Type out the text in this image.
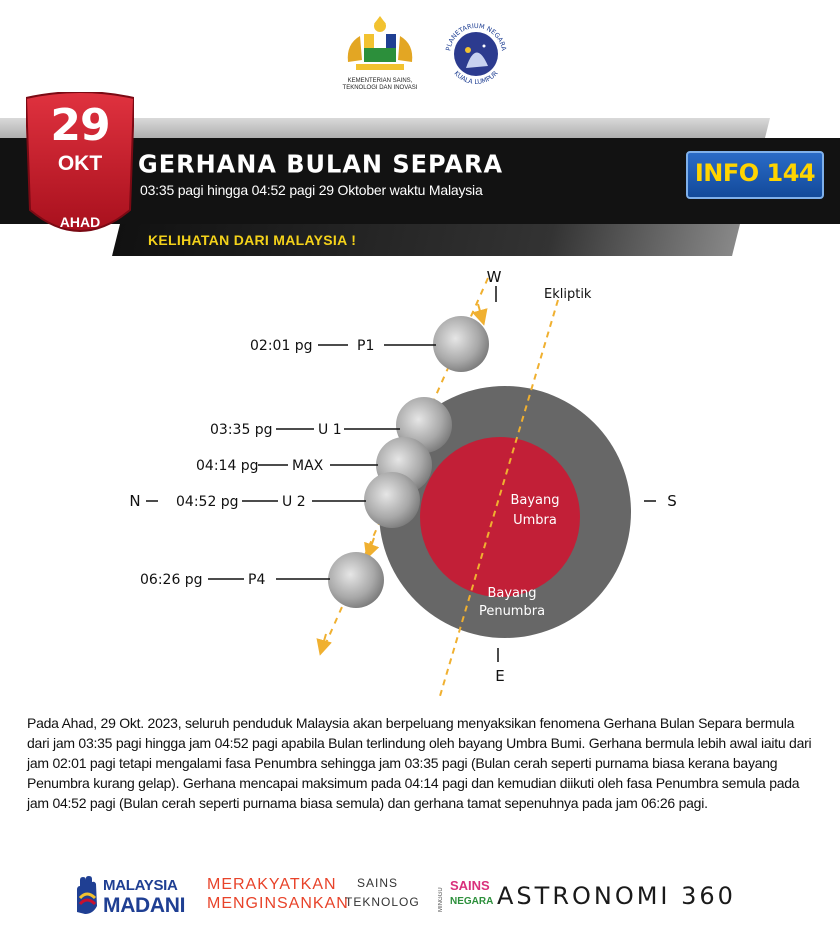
KEMENTERIAN SAINS,
TEKNOLOGI DAN INOVASI
PLANETARIUM NEGARA
KUALA LUMPUR
29
OKT
AHAD
GERHANA BULAN SEPARA
03:35 pagi hingga 04:52 pagi 29 Oktober waktu Malaysia
KELIHATAN DARI MALAYSIA !
INFO 144
Ekliptik
Bayang
Umbra
Bayang
Penumbra
W
E
N	S
02:01 pg	P1
03:35 pg	U 1
04:14 pg MAX
04:52 pg	U 2
06:26 pg	P4
Pada Ahad, 29 Okt. 2023, seluruh penduduk Malaysia akan berpeluang menyaksikan fenomena Gerhana Bulan Separa bermula dari jam 03:35 pagi hingga jam 04:52 pagi apabila Bulan terlindung oleh bayang Umbra Bumi. Gerhana bermula lebih awal iaitu dari jam 02:01 pagi tetapi mengalami fasa Penumbra sehingga jam 03:35 pagi (Bulan cerah seperti purnama biasa kerana bayang Penumbra kurang gelap). Gerhana mencapai maksimum pada 04:14 pagi dan kemudian diikuti oleh fasa Penumbra semula pada jam 04:52 pagi (Bulan cerah seperti purnama biasa semula) dan gerhana tamat sepenuhnya pada jam 06:26 pagi.
MALAYSIA
MADANI
MERAKYATKAN
MENGINSANKAN
SAINS
TEKNOLOG	MINGGU
SAINS
NEGARA ASTRONOMI 360
